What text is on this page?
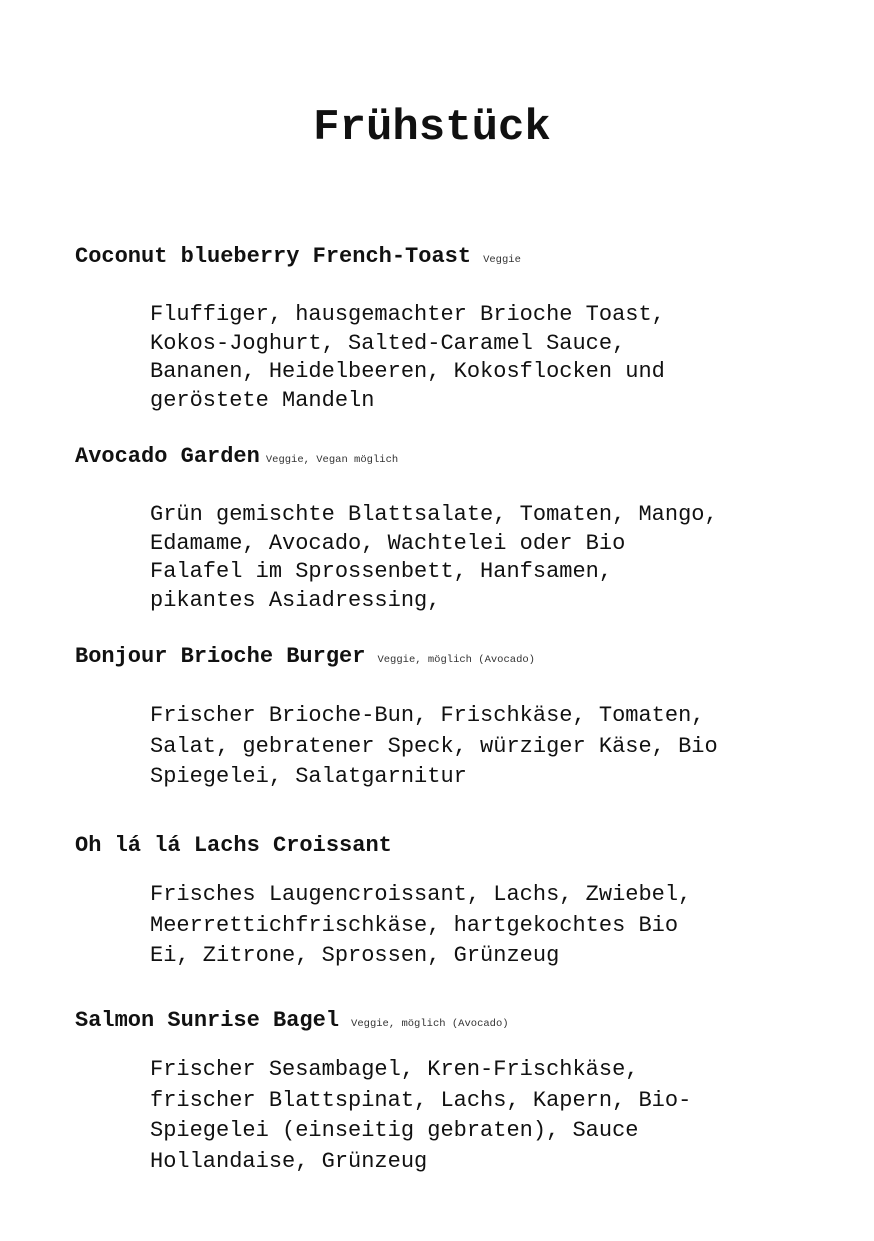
Frühstück
Coconut blueberry French-Toast Veggie

Fluffiger, hausgemachter Brioche Toast,
Kokos-Joghurt, Salted-Caramel Sauce,
Bananen, Heidelbeeren, Kokosflocken und
geröstete Mandeln

Avocado Garden Veggie, Vegan möglich

Grün gemischte Blattsalate, Tomaten, Mango,
Edamame, Avocado, Wachtelei oder Bio
Falafel im Sprossenbett, Hanfsamen,
pikantes Asiadressing,

Bonjour Brioche Burger Veggie, möglich (Avocado)

Frischer Brioche-Bun, Frischkäse, Tomaten,
Salat, gebratener Speck, würziger Käse, Bio
Spiegelei, Salatgarnitur

Oh lá lá Lachs Croissant

Frisches Laugencroissant, Lachs, Zwiebel,
Meerrettichfrischkäse, hartgekochtes Bio
Ei, Zitrone, Sprossen, Grünzeug

Salmon Sunrise Bagel Veggie, möglich (Avocado)

Frischer Sesambagel, Kren-Frischkäse,
frischer Blattspinat, Lachs, Kapern, Bio-
Spiegelei (einseitig gebraten), Sauce
Hollandaise, Grünzeug
